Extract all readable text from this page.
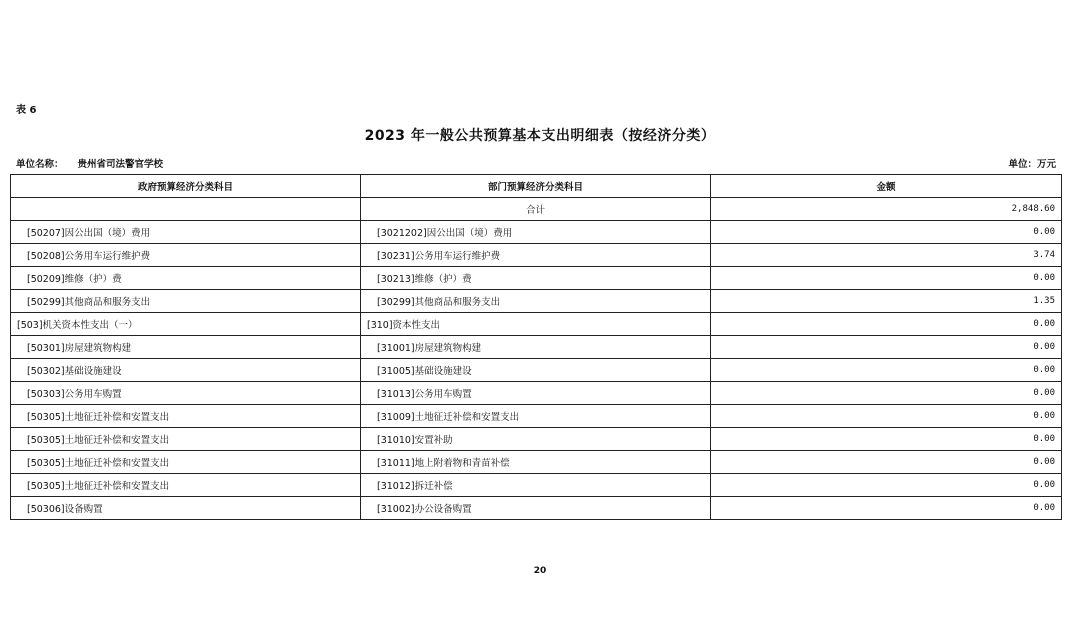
表 6
2023 年一般公共预算基本支出明细表（按经济分类）
单位名称： 贵州省司法警官学校	单位：万元
政府预算经济分类科目	部门预算经济分类科目	金额
	合计	2,848.60
[50207]因公出国（境）费用	[3021202]因公出国（境）费用	0.00
[50208]公务用车运行维护费	[30231]公务用车运行维护费	3.74
[50209]维修（护）费	[30213]维修（护）费	0.00
[50299]其他商品和服务支出	[30299]其他商品和服务支出	1.35
[503]机关资本性支出（一）	[310]资本性支出	0.00
[50301]房屋建筑物构建	[31001]房屋建筑物构建	0.00
[50302]基础设施建设	[31005]基础设施建设	0.00
[50303]公务用车购置	[31013]公务用车购置	0.00
[50305]土地征迁补偿和安置支出	[31009]土地征迁补偿和安置支出	0.00
[50305]土地征迁补偿和安置支出	[31010]安置补助	0.00
[50305]土地征迁补偿和安置支出	[31011]地上附着物和青苗补偿	0.00
[50305]土地征迁补偿和安置支出	[31012]拆迁补偿	0.00
[50306]设备购置	[31002]办公设备购置	0.00
20
